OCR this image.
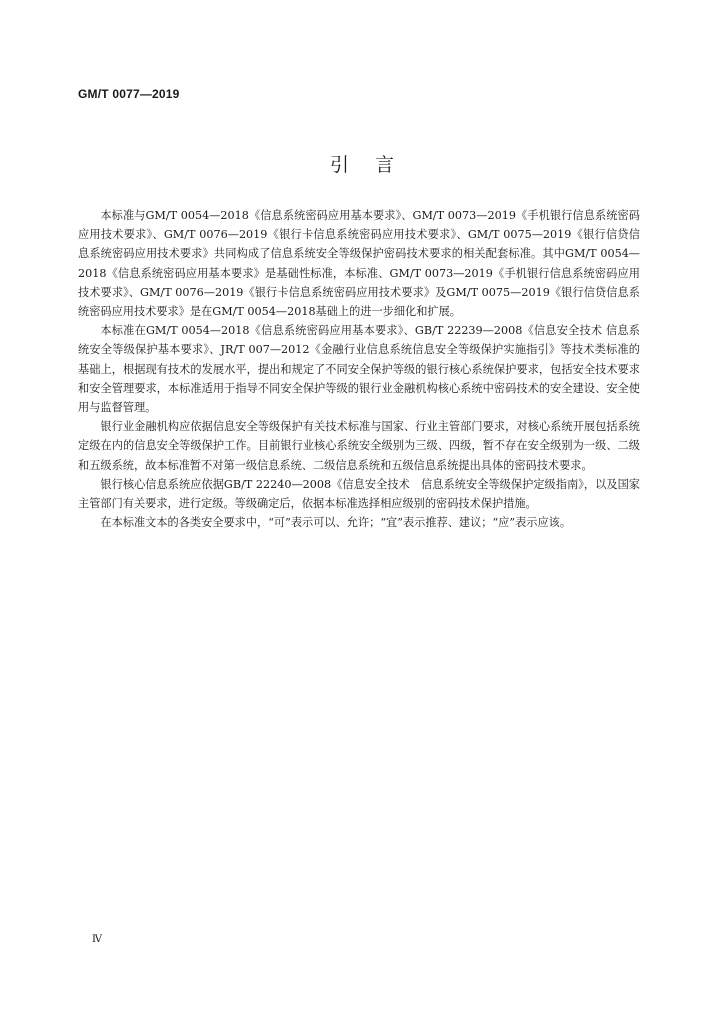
GM/T 0077—2019
引言

本标准与GM/T 0054—2018《信息系统密码应用基本要求》、GM/T 0073—2019《手机银行信息系统密码应用技术要求》、GM/T 0076—2019《银行卡信息系统密码应用技术要求》、GM/T 0075—2019《银行信贷信息系统密码应用技术要求》共同构成了信息系统安全等级保护密码技术要求的相关配套标准。其中GM/T 0054—2018《信息系统密码应用基本要求》是基础性标准，本标准、GM/T 0073—2019《手机银行信息系统密码应用技术要求》、GM/T 0076—2019《银行卡信息系统密码应用技术要求》及GM/T 0075—2019《银行信贷信息系统密码应用技术要求》是在GM/T 0054—2018基础上的进一步细化和扩展。

本标准在GM/T 0054—2018《信息系统密码应用基本要求》、GB/T 22239—2008《信息安全技术 信息系统安全等级保护基本要求》、JR/T 007—2012《金融行业信息系统信息安全等级保护实施指引》等技术类标准的基础上，根据现有技术的发展水平，提出和规定了不同安全保护等级的银行核心系统保护要求，包括安全技术要求和安全管理要求，本标准适用于指导不同安全保护等级的银行业金融机构核心系统中密码技术的安全建设、安全使用与监督管理。

银行业金融机构应依据信息安全等级保护有关技术标准与国家、行业主管部门要求，对核心系统开展包括系统定级在内的信息安全等级保护工作。目前银行业核心系统安全级别为三级、四级，暂不存在安全级别为一级、二级和五级系统，故本标准暂不对第一级信息系统、二级信息系统和五级信息系统提出具体的密码技术要求。

银行核心信息系统应依据GB/T 22240—2008《信息安全技术　信息系统安全等级保护定级指南》，以及国家主管部门有关要求，进行定级。等级确定后，依据本标准选择相应级别的密码技术保护措施。

在本标准文本的各类安全要求中，“可”表示可以、允许；“宜”表示推荐、建议；“应”表示应该。

Ⅳ
